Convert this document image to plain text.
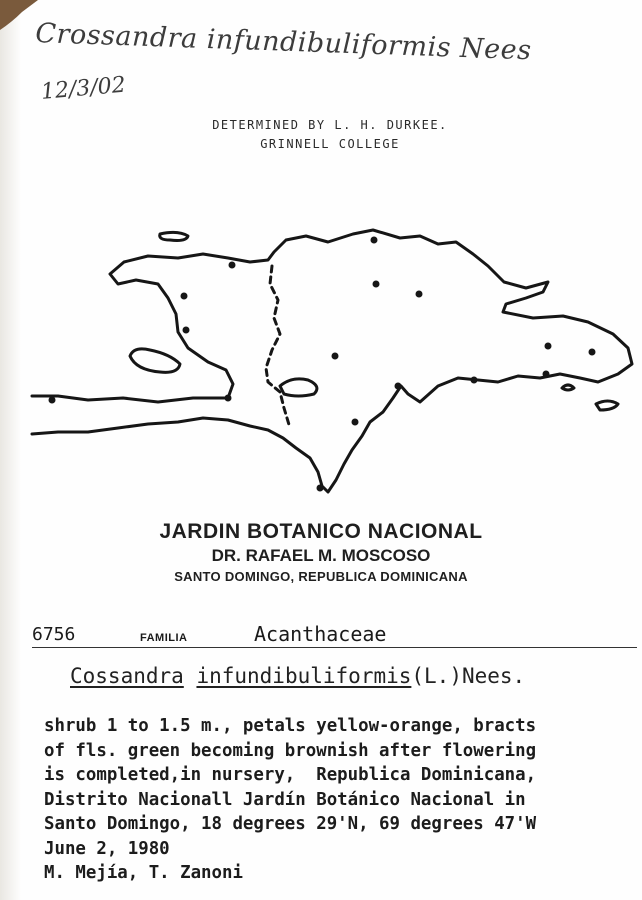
Crossandra infundibuliformis Nees
12/3/02
DETERMINED BY L. H. DURKEE.
GRINNELL COLLEGE
JARDIN BOTANICO NACIONAL
DR. RAFAEL M. MOSCOSO
SANTO DOMINGO, REPUBLICA DOMINICANA
6756	FAMILIA	Acanthaceae
Cossandra infundibuliformis(L.)Nees.
shrub 1 to 1.5 m., petals yellow-orange, bracts
of fls. green becoming brownish after flowering
is completed,in nursery,  Republica Dominicana,
Distrito Nacionall Jardín Botánico Nacional in
Santo Domingo, 18 degrees 29'N, 69 degrees 47'W
June 2, 1980
M. Mejía, T. Zanoni
